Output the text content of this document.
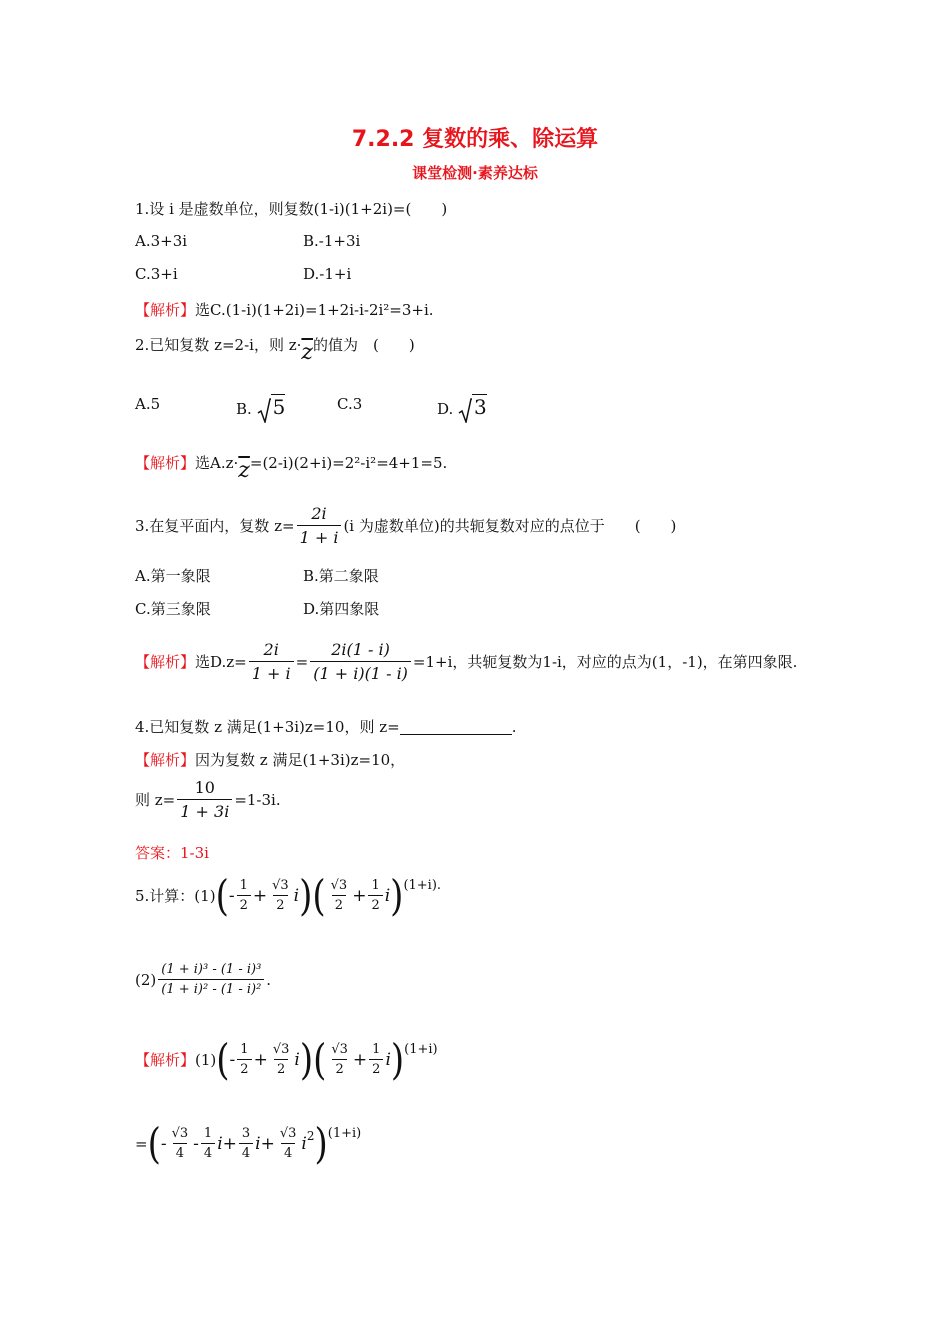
7.2.2 复数的乘、除运算
课堂检测·素养达标
1.设 i 是虚数单位，则复数(1-i)(1+2i)=(　　)
A.3+3i	B.-1+3i
C.3+i	D.-1+i
【解析】 选C.(1-i)(1+2i)=1+2i-i-2i²=3+i.
2.已知复数 z=2-i，则 $z\cdot \overline{z}$ 的值为　(　　)
A.5	B. 5	C.3	D. 3
【解析】 选$A.z\cdot \overline{z} =(2-i)(2+i)=2^2-i^2=4+1=5$.
3.在复平面内，复数 $z= \frac{2i}{1 + i} (i$ 为虚数单位)的共轭复数对应的点位于　　(　　)
A.第一象限	B.第二象限
C.第三象限	D.第四象限
【解析】 选$D.z= \frac{2i}{1 + i} = \frac{2i(1 - i)}{(1 + i)(1 - i)} =1+i$，共轭复数为1-i，对应的点为(1，-1)，在第四象限.
4.已知复数 z 满足(1+3i)z=10，则 z=	.
【解析】 因为复数 z 满足(1+3i)z=10，
则 $z= \frac{10}{1 + 3i} =1-3i$.
答案：1-3i
5.计算：(1) ( - $\frac{1}{2} + \frac{√3}{2}$ i ) ( $\frac{√3}{2} + \frac{1}{2}$ i ) (1+i).
$(2) \frac{\text{(1 + i)³ - (1 - i)³}}{\text{(1 + i)² - (1 - i)²}}$ .
【解析】 (1) ( - $\frac{1}{2} + \frac{√3}{2}$ i ) ( $\frac{√3}{2} + \frac{1}{2}$ i ) (1+i)
= ( - $\frac{√3}{4} - \frac{1}{4}$ $i + \frac{3}{4}$ $i + \frac{√3}{4}$ i 2 ) (1+i)
